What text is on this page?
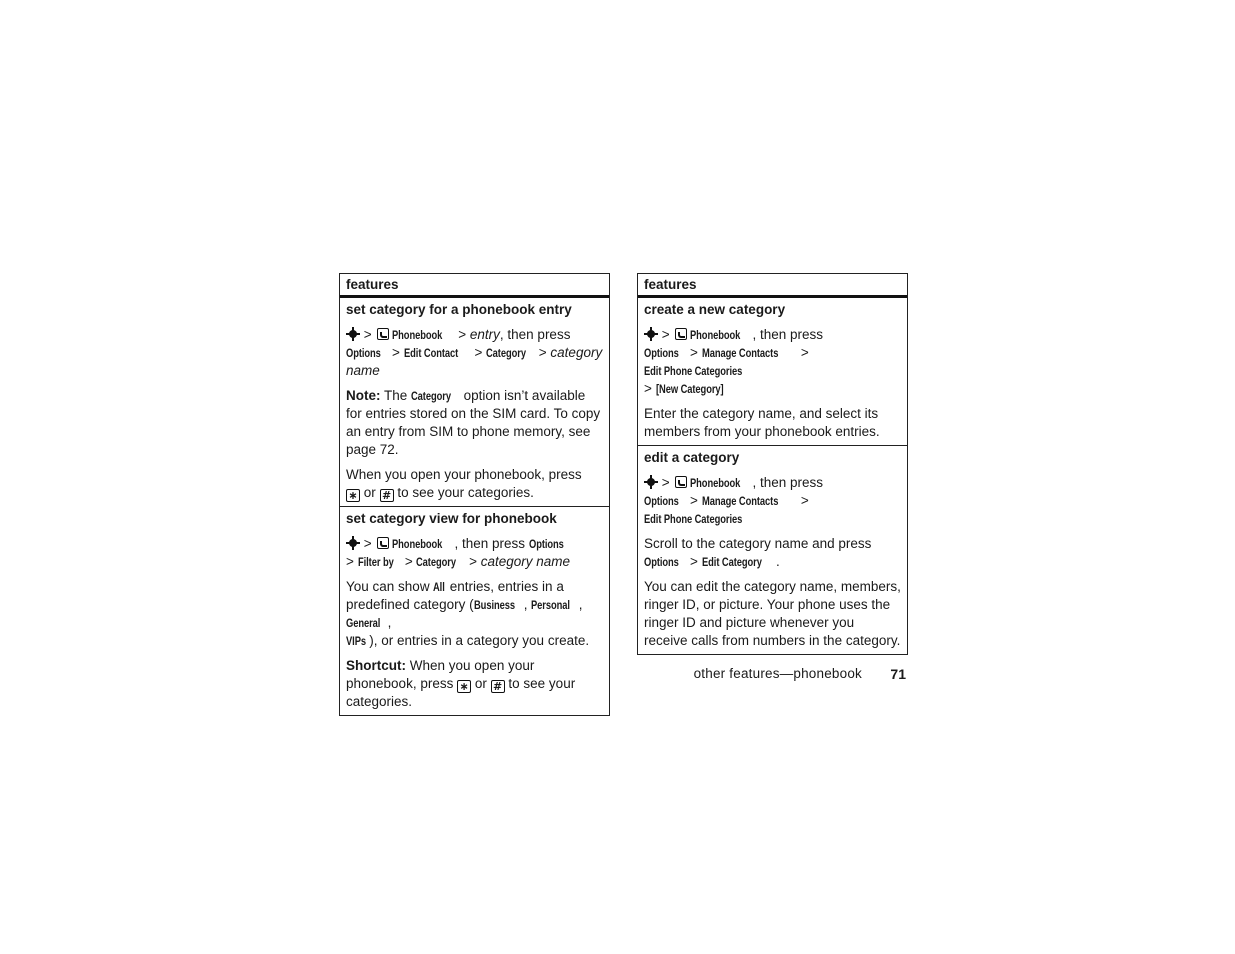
features
set category for a phonebook entry
> Phonebook > entry, then press
Options > Edit Contact > Category > category name
Note: The Category option isn’t available for entries stored on the SIM card. To copy an entry from SIM to phone memory, see page 72.
When you open your phonebook, press
∗ or # to see your categories.
set category view for phonebook
> Phonebook , then press Options
> Filter by > Category > category name
You can show All entries, entries in a predefined category (Business , Personal , General ,
VIPs ), or entries in a category you create.
Shortcut: When you open your phonebook, press ∗ or # to see your categories.
features
create a new category
> Phonebook , then press
Options > Manage Contacts > Edit Phone Categories
> [New Category]
Enter the category name, and select its members from your phonebook entries.
edit a category
> Phonebook , then press
Options > Manage Contacts > Edit Phone Categories
Scroll to the category name and press
Options > Edit Category .
You can edit the category name, members, ringer ID, or picture. Your phone uses the ringer ID and picture whenever you receive calls from numbers in the category.
other features—phonebook 71
